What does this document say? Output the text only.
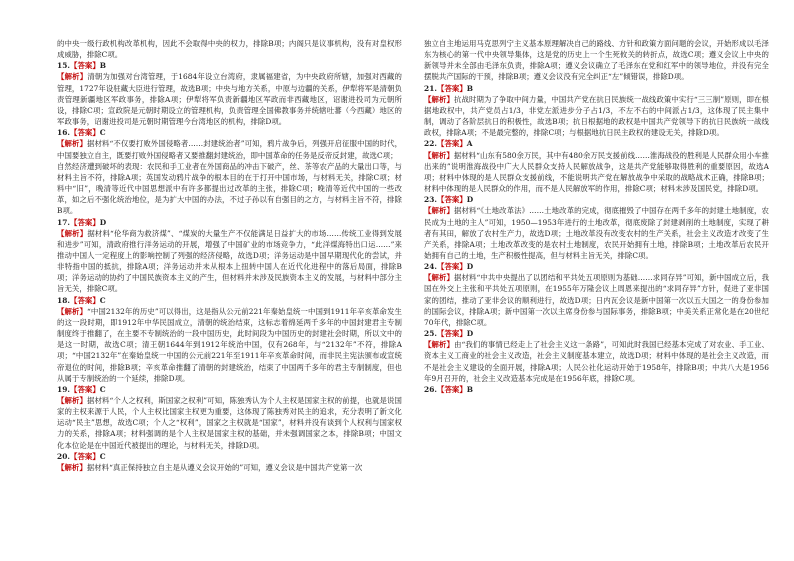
的中央一级行政机构改革机构，因此不会取得中央的权力，排除B项；内阁只是议事机构，没有对皇权形成威胁，排除C项。

15.【答案】B

【解析】清朝为加强对台湾管理，于1684年设立台湾府，隶属福建省，为中央政府所辖，加强对西藏的管理，1727年设驻藏大臣进行管理，故选B项；中央与地方关系，中原与边疆的关系，伊犁将军是清朝负责管理新疆地区军政事务，排除A项；伊犁将军负责新疆地区军政而非西藏地区，诏谢进投司为元朝所设，排除C项；宣政院是元朝时期设立的管理机构，负责管理全国佛教事务并统辖吐蕃（今西藏）地区的军政事务，诏谢进投司是元朝时期管理今台湾地区的机构，排除D项。

16.【答案】C

【解析】据材料“不仅要打败外国侵略者……封建统治者”可知，鸦片战争后，列强开启征服中国的时代，中国要独立自主，既要打败外国侵略者又要推翻封建统治，即中国革命的任务是反帝反封建，故选C项；

自然经济遭到破坏的表现：农民和手工业者在外国商品的冲击下破产，丝、茶等农产品的大量出口等，与材料主旨不符，排除A项；英国发动鸦片战争的根本目的在于打开中国市场，与材料无关，排除C项；材料中“旧”，晚清等近代中国思想派中有许多都提出过改革的主张，排除C项；晚清等近代中国的一些改革，如之后不强化统治地位，是为扩大中国的办法，不过子孙以有自强目的之方，与材料主旨不符，排除B项。

17.【答案】D

【解析】据材料“伦华商为救济煤”、“煤炭的大量生产不仅能满足日益扩大的市场……传统工业得到发展和进步”可知，清政府推行洋务运动的开展，增强了中国矿业的市场竞争力，“此洋煤海特出口运……”来推动中国人一定程度上的影响控制了列强的经济侵略，故选D项；洋务运动是中国早期现代化的尝试，并非特指中国的抵抗，排除A项；洋务运动并未从根本上扭转中国人在近代化进程中的落后局面，排除B项；洋务运动的协约了中国民族资本主义的产生，但材料并未涉及民族资本主义的发展，与材料中部分主旨无关，排除C项。

18.【答案】C

【解析】“中国2132年的历史”可以得出，这是指从公元前221年秦始皇统一中国到1911年辛亥革命发生的这一段时期，即1912年中华民国成立，清朝的统治结束，这标志着绵延两千多年的中国封建君主专制制度终于推翻了，在主要不专制统治的一段中国历史，此时间段为中国历史的封建社会时期，所以文中的是这一时期，故选C项；清王朝1644年到1912年统治中国，仅有268年，与“2132年”不符，排除A项；“中国2132年”在秦始皇统一中国的公元前221年至1911年辛亥革命时间，而非民主宪法颁布或宣统帝退位的时间，排除B项；辛亥革命推翻了清朝的封建统治，结束了中国两千多年的君主专制制度，但也从属于专制统治的一个延续，排除D项。

19.【答案】C

【解析】据材料“个人之权利，斯国家之权利”可知，陈独秀认为个人主权是国家主权的前提，也就是说国家的主权来源于人民，个人主权比国家主权更为重要，这体现了陈独秀对民主的追求，充分表明了新文化运动“民主”思想，故选C项；个人之“权利”，国家之主权就是“国家”，材料并没有谈到个人权利与国家权力的关系，排除A项；材料强调的是个人主权是国家主权的基础，并未强调国家之本，排除B项；中国文化本位论是在中国近代被提出的理论，与材料无关，排除D项。

20.【答案】C

【解析】据材料“真正保持独立自主是从遵义会议开始的”可知，遵义会议是中国共产党第一次

独立自主地运用马克思列宁主义基本原理解决自己的路线、方针和政策方面问题的会议，开始形成以毛泽东为核心的第一代中央领导集体，这是党的历史上一个生死攸关的转折点，故选C项；遵义会议上中央的新领导并未全部由毛泽东负责，排除A项；遵义会议确立了毛泽东在党和红军中的领导地位，并没有完全摆脱共产国际的干预，排除B项；遵义会议没有完全纠正“左”倾错误，排除D项。

21.【答案】B

【解析】抗战时期为了争取中间力量，中国共产党在抗日民族统一战线政策中实行“三三制”原则，即在根据地政权中，共产党员占1/3，非党左派进步分子占1/3，不左不右的中间派占1/3，这体现了民主集中制，调动了各阶层抗日的积极性，故选B项；抗日根据地的政权是中国共产党领导下的抗日民族统一战线政权，排除A项；不是最完整的，排除C项；与根据地抗日民主政权的建设无关，排除D项。

22.【答案】A

【解析】据材料“山东有580余万民，其中有480余万民支援前线……淮海战役的胜利是人民群众用小车推出来的”说明淮海战役中广大人民群众支持人民解放战争，这是共产党能够取得胜利的重要原因，故选A项；材料中体现的是人民群众支援前线，不能说明共产党在解放战争中采取的战略战术正确，排除B项；材料中体现的是人民群众的作用，而不是人民解放军的作用，排除C项；材料未涉及国民党，排除D项。

23.【答案】D

【解析】据材料“《土地改革法》……土地改革的完成，彻底摧毁了中国存在两千多年的封建土地制度，农民成为土地的主人”可知，1950—1953年进行的土地改革，彻底废除了封建剥削的土地制度，实现了耕者有其田，解放了农村生产力，故选D项；土地改革没有改变农村的生产关系，社会主义改造才改变了生产关系，排除A项；土地改革改变的是农村土地制度，农民开始拥有土地，排除B项；土地改革后农民开始拥有自己的土地，生产积极性提高，但与材料主旨无关，排除C项。

24.【答案】D

【解析】据材料“中共中央提出了以团结和平共处五项原则为基础……求同存异”可知，新中国成立后，我国在外交上主张和平共处五项原则，在1955年万隆会议上周恩来提出的“求同存异”方针，促进了亚非国家的团结，推动了亚非会议的顺利进行，故选D项；日内瓦会议是新中国第一次以五大国之一的身份参加的国际会议，排除A项；新中国第一次以主席身份参与国际事务，排除B项；中美关系正常化是在20世纪70年代，排除C项。

25.【答案】D

【解析】由“我们的事情已经走上了社会主义这一条路”，可知此时我国已经基本完成了对农业、手工业、资本主义工商业的社会主义改造，社会主义制度基本建立，故选D项；材料中体现的是社会主义改造，而不是社会主义建设的全面开展，排除A项；人民公社化运动开始于1958年，排除B项；中共八大是1956年9月召开的，社会主义改造基本完成是在1956年底，排除C项。

26.【答案】B
